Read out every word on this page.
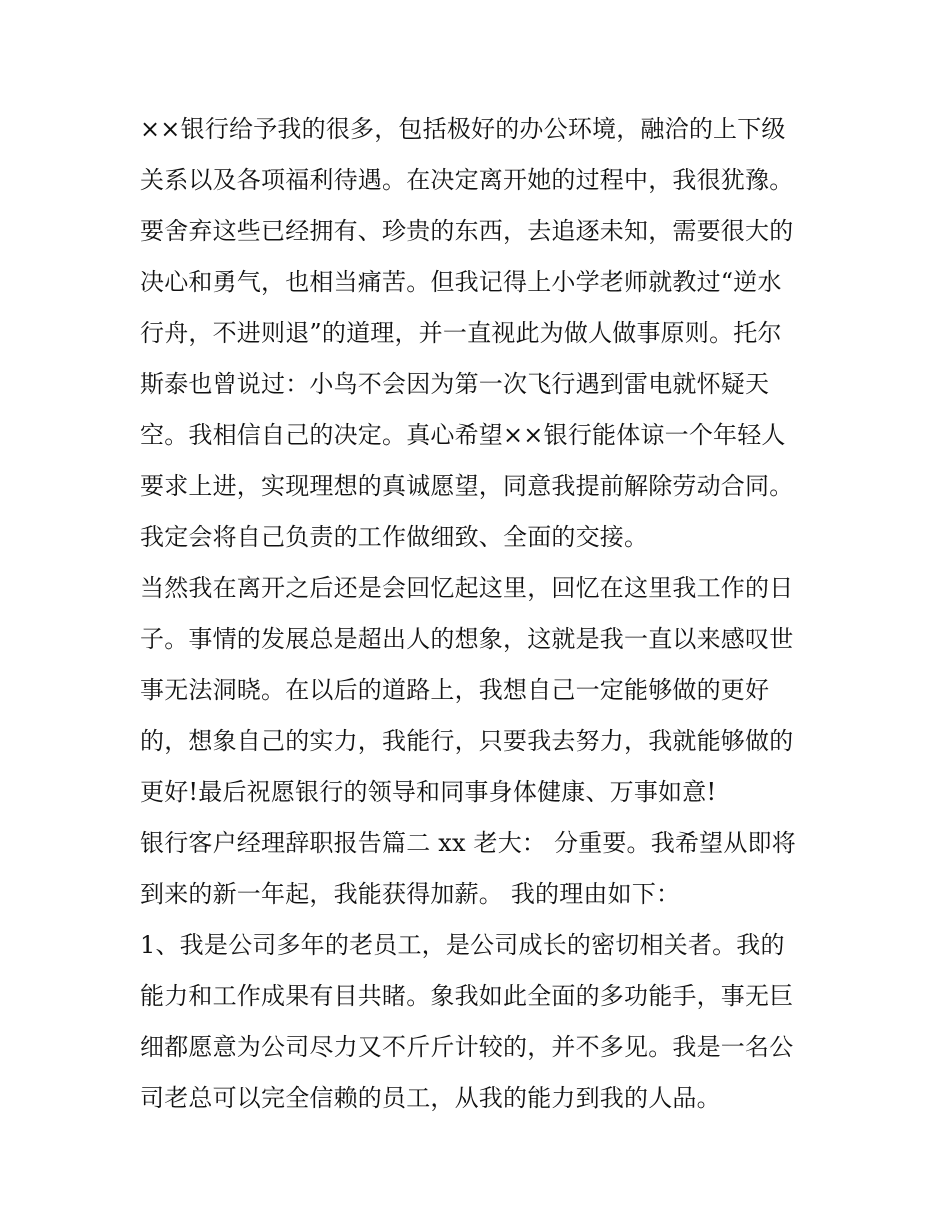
××银行给予我的很多，包括极好的办公环境，融洽的上下级
关系以及各项福利待遇。在决定离开她的过程中，我很犹豫。
要舍弃这些已经拥有、珍贵的东西，去追逐未知，需要很大的
决心和勇气，也相当痛苦。但我记得上小学老师就教过“逆水
行舟，不进则退”的道理，并一直视此为做人做事原则。托尔
斯泰也曾说过：小鸟不会因为第一次飞行遇到雷电就怀疑天
空。我相信自己的决定。真心希望××银行能体谅一个年轻人
要求上进，实现理想的真诚愿望，同意我提前解除劳动合同。
我定会将自己负责的工作做细致、全面的交接。
当然我在离开之后还是会回忆起这里，回忆在这里我工作的日
子。事情的发展总是超出人的想象，这就是我一直以来感叹世
事无法洞晓。在以后的道路上，我想自己一定能够做的更好
的，想象自己的实力，我能行，只要我去努力，我就能够做的
更好!最后祝愿银行的领导和同事身体健康、万事如意!
银行客户经理辞职报告篇二 xx 老大： 分重要。我希望从即将
到来的新一年起，我能获得加薪。 我的理由如下：
1、我是公司多年的老员工，是公司成长的密切相关者。我的
能力和工作成果有目共睹。象我如此全面的多功能手，事无巨
细都愿意为公司尽力又不斤斤计较的，并不多见。我是一名公
司老总可以完全信赖的员工，从我的能力到我的人品。
